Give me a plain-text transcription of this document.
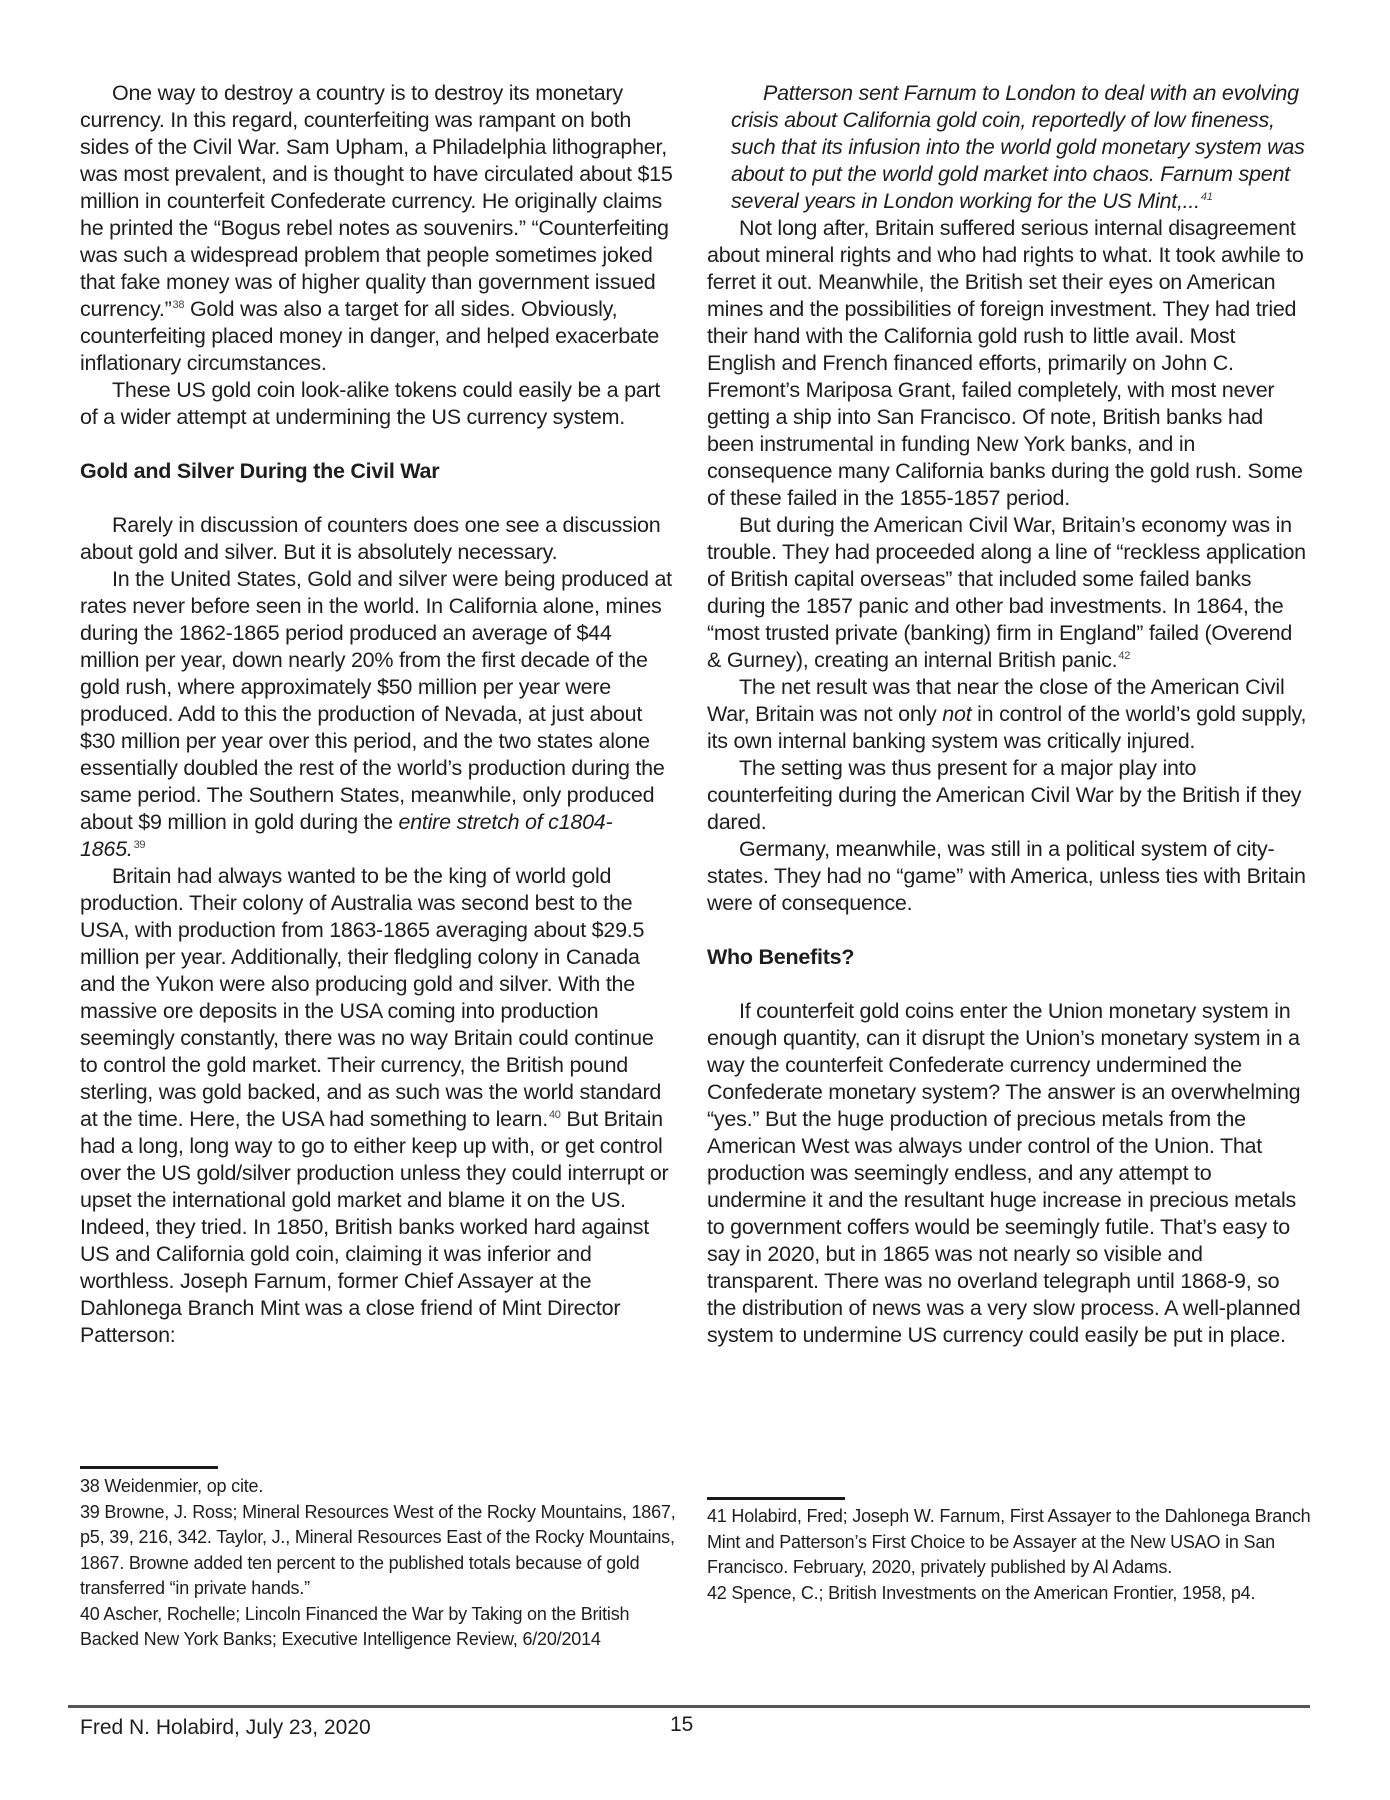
One way to destroy a country is to destroy its monetary currency. In this regard, counterfeiting was rampant on both sides of the Civil War. Sam Upham, a Philadelphia lithographer, was most prevalent, and is thought to have circulated about $15 million in counterfeit Confederate currency. He originally claims he printed the “Bogus rebel notes as souvenirs.” “Counterfeiting was such a widespread problem that people sometimes joked that fake money was of higher quality than government issued currency.”$^{38}$ Gold was also a target for all sides. Obviously, counterfeiting placed money in danger, and helped exacerbate inflationary circumstances.

These US gold coin look-alike tokens could easily be a part of a wider attempt at undermining the US currency system.

Gold and Silver During the Civil War

Rarely in discussion of counters does one see a discussion about gold and silver. But it is absolutely necessary.

In the United States, Gold and silver were being produced at rates never before seen in the world. In California alone, mines during the 1862-1865 period produced an average of $44 million per year, down nearly 20% from the first decade of the gold rush, where approximately $50 million per year were produced. Add to this the production of Nevada, at just about $30 million per year over this period, and the two states alone essentially doubled the rest of the world’s production during the same period. The Southern States, meanwhile, only produced about $9 million in gold during the entire stretch of c1804-1865.39

Britain had always wanted to be the king of world gold production. Their colony of Australia was second best to the USA, with production from 1863-1865 averaging about $29.5 million per year. Additionally, their fledgling colony in Canada and the Yukon were also producing gold and silver. With the massive ore deposits in the USA coming into production seemingly constantly, there was no way Britain could continue to control the gold market. Their currency, the British pound sterling, was gold backed, and as such was the world standard at the time. Here, the USA had something to learn.$^{40}$ But Britain had a long, long way to go to either keep up with, or get control over the US gold/silver production unless they could interrupt or upset the international gold market and blame it on the US. Indeed, they tried. In 1850, British banks worked hard against US and California gold coin, claiming it was inferior and worthless. Joseph Farnum, former Chief Assayer at the Dahlonega Branch Mint was a close friend of Mint Director Patterson:

Patterson sent Farnum to London to deal with an evolving crisis about California gold coin, reportedly of low fineness, such that its infusion into the world gold monetary system was about to put the world gold market into chaos. Farnum spent several years in London working for the US Mint,...$^{41}$

Not long after, Britain suffered serious internal disagreement about mineral rights and who had rights to what. It took awhile to ferret it out. Meanwhile, the British set their eyes on American mines and the possibilities of foreign investment. They had tried their hand with the California gold rush to little avail. Most English and French financed efforts, primarily on John C. Fremont’s Mariposa Grant, failed completely, with most never getting a ship into San Francisco. Of note, British banks had been instrumental in funding New York banks, and in consequence many California banks during the gold rush. Some of these failed in the 1855-1857 period.

But during the American Civil War, Britain’s economy was in trouble. They had proceeded along a line of “reckless application of British capital overseas” that included some failed banks during the 1857 panic and other bad investments. In 1864, the “most trusted private (banking) firm in England” failed (Overend & Gurney), creating an internal British panic.$^{42}$

The net result was that near the close of the American Civil War, Britain was not only not in control of the world’s gold supply, its own internal banking system was critically injured.

The setting was thus present for a major play into counterfeiting during the American Civil War by the British if they dared.

Germany, meanwhile, was still in a political system of city-states. They had no “game” with America, unless ties with Britain were of consequence.

Who Benefits?

If counterfeit gold coins enter the Union monetary system in enough quantity, can it disrupt the Union’s monetary system in a way the counterfeit Confederate currency undermined the Confederate monetary system? The answer is an overwhelming “yes.” But the huge production of precious metals from the American West was always under control of the Union. That production was seemingly endless, and any attempt to undermine it and the resultant huge increase in precious metals to government coffers would be seemingly futile. That’s easy to say in 2020, but in 1865 was not nearly so visible and transparent. There was no overland telegraph until 1868-9, so the distribution of news was a very slow process. A well-planned system to undermine US currency could easily be put in place.

38 Weidenmier, op cite.

39 Browne, J. Ross; Mineral Resources West of the Rocky Mountains, 1867, p5, 39, 216, 342. Taylor, J., Mineral Resources East of the Rocky Mountains, 1867. Browne added ten percent to the published totals because of gold transferred “in private hands.”

40 Ascher, Rochelle; Lincoln Financed the War by Taking on the British Backed New York Banks; Executive Intelligence Review, 6/20/2014

41 Holabird, Fred; Joseph W. Farnum, First Assayer to the Dahlonega Branch Mint and Patterson’s First Choice to be Assayer at the New USAO in San Francisco. February, 2020, privately published by Al Adams.

42 Spence, C.; British Investments on the American Frontier, 1958, p4.

Fred N. Holabird, July 23, 2020	15
